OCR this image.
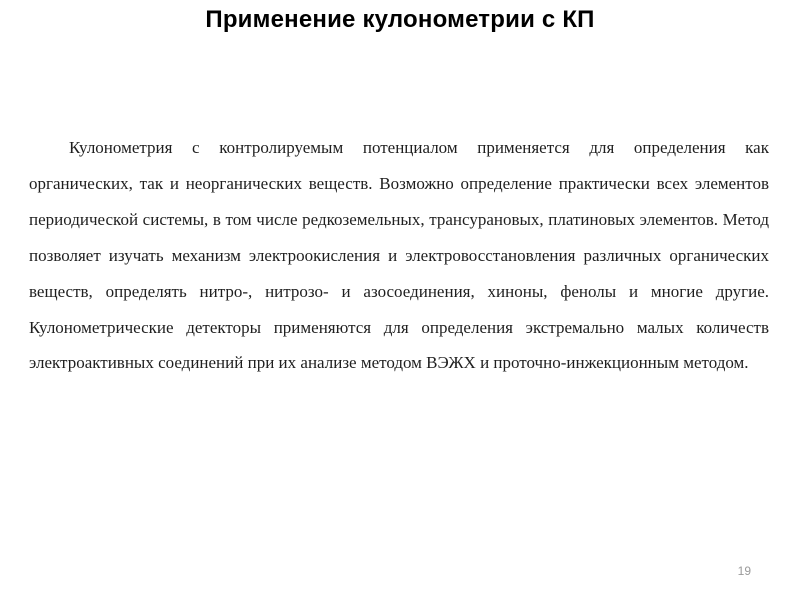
Применение кулонометрии с КП

Кулонометрия с контролируемым потенциалом применяется для определения как органических, так и неорганических веществ. Возможно определение практически всех элементов периодической системы, в том числе редкоземельных, трансурановых, платиновых элементов. Метод позволяет изучать механизм электроокисления и электровосстановления различных органических веществ, определять нитро-, нитрозо- и азосоединения, хиноны, фенолы и многие другие. Кулонометрические детекторы применяются для определения экстремально малых количеств электроактивных соединений при их анализе методом ВЭЖХ и проточно-инжекционным методом.

19
